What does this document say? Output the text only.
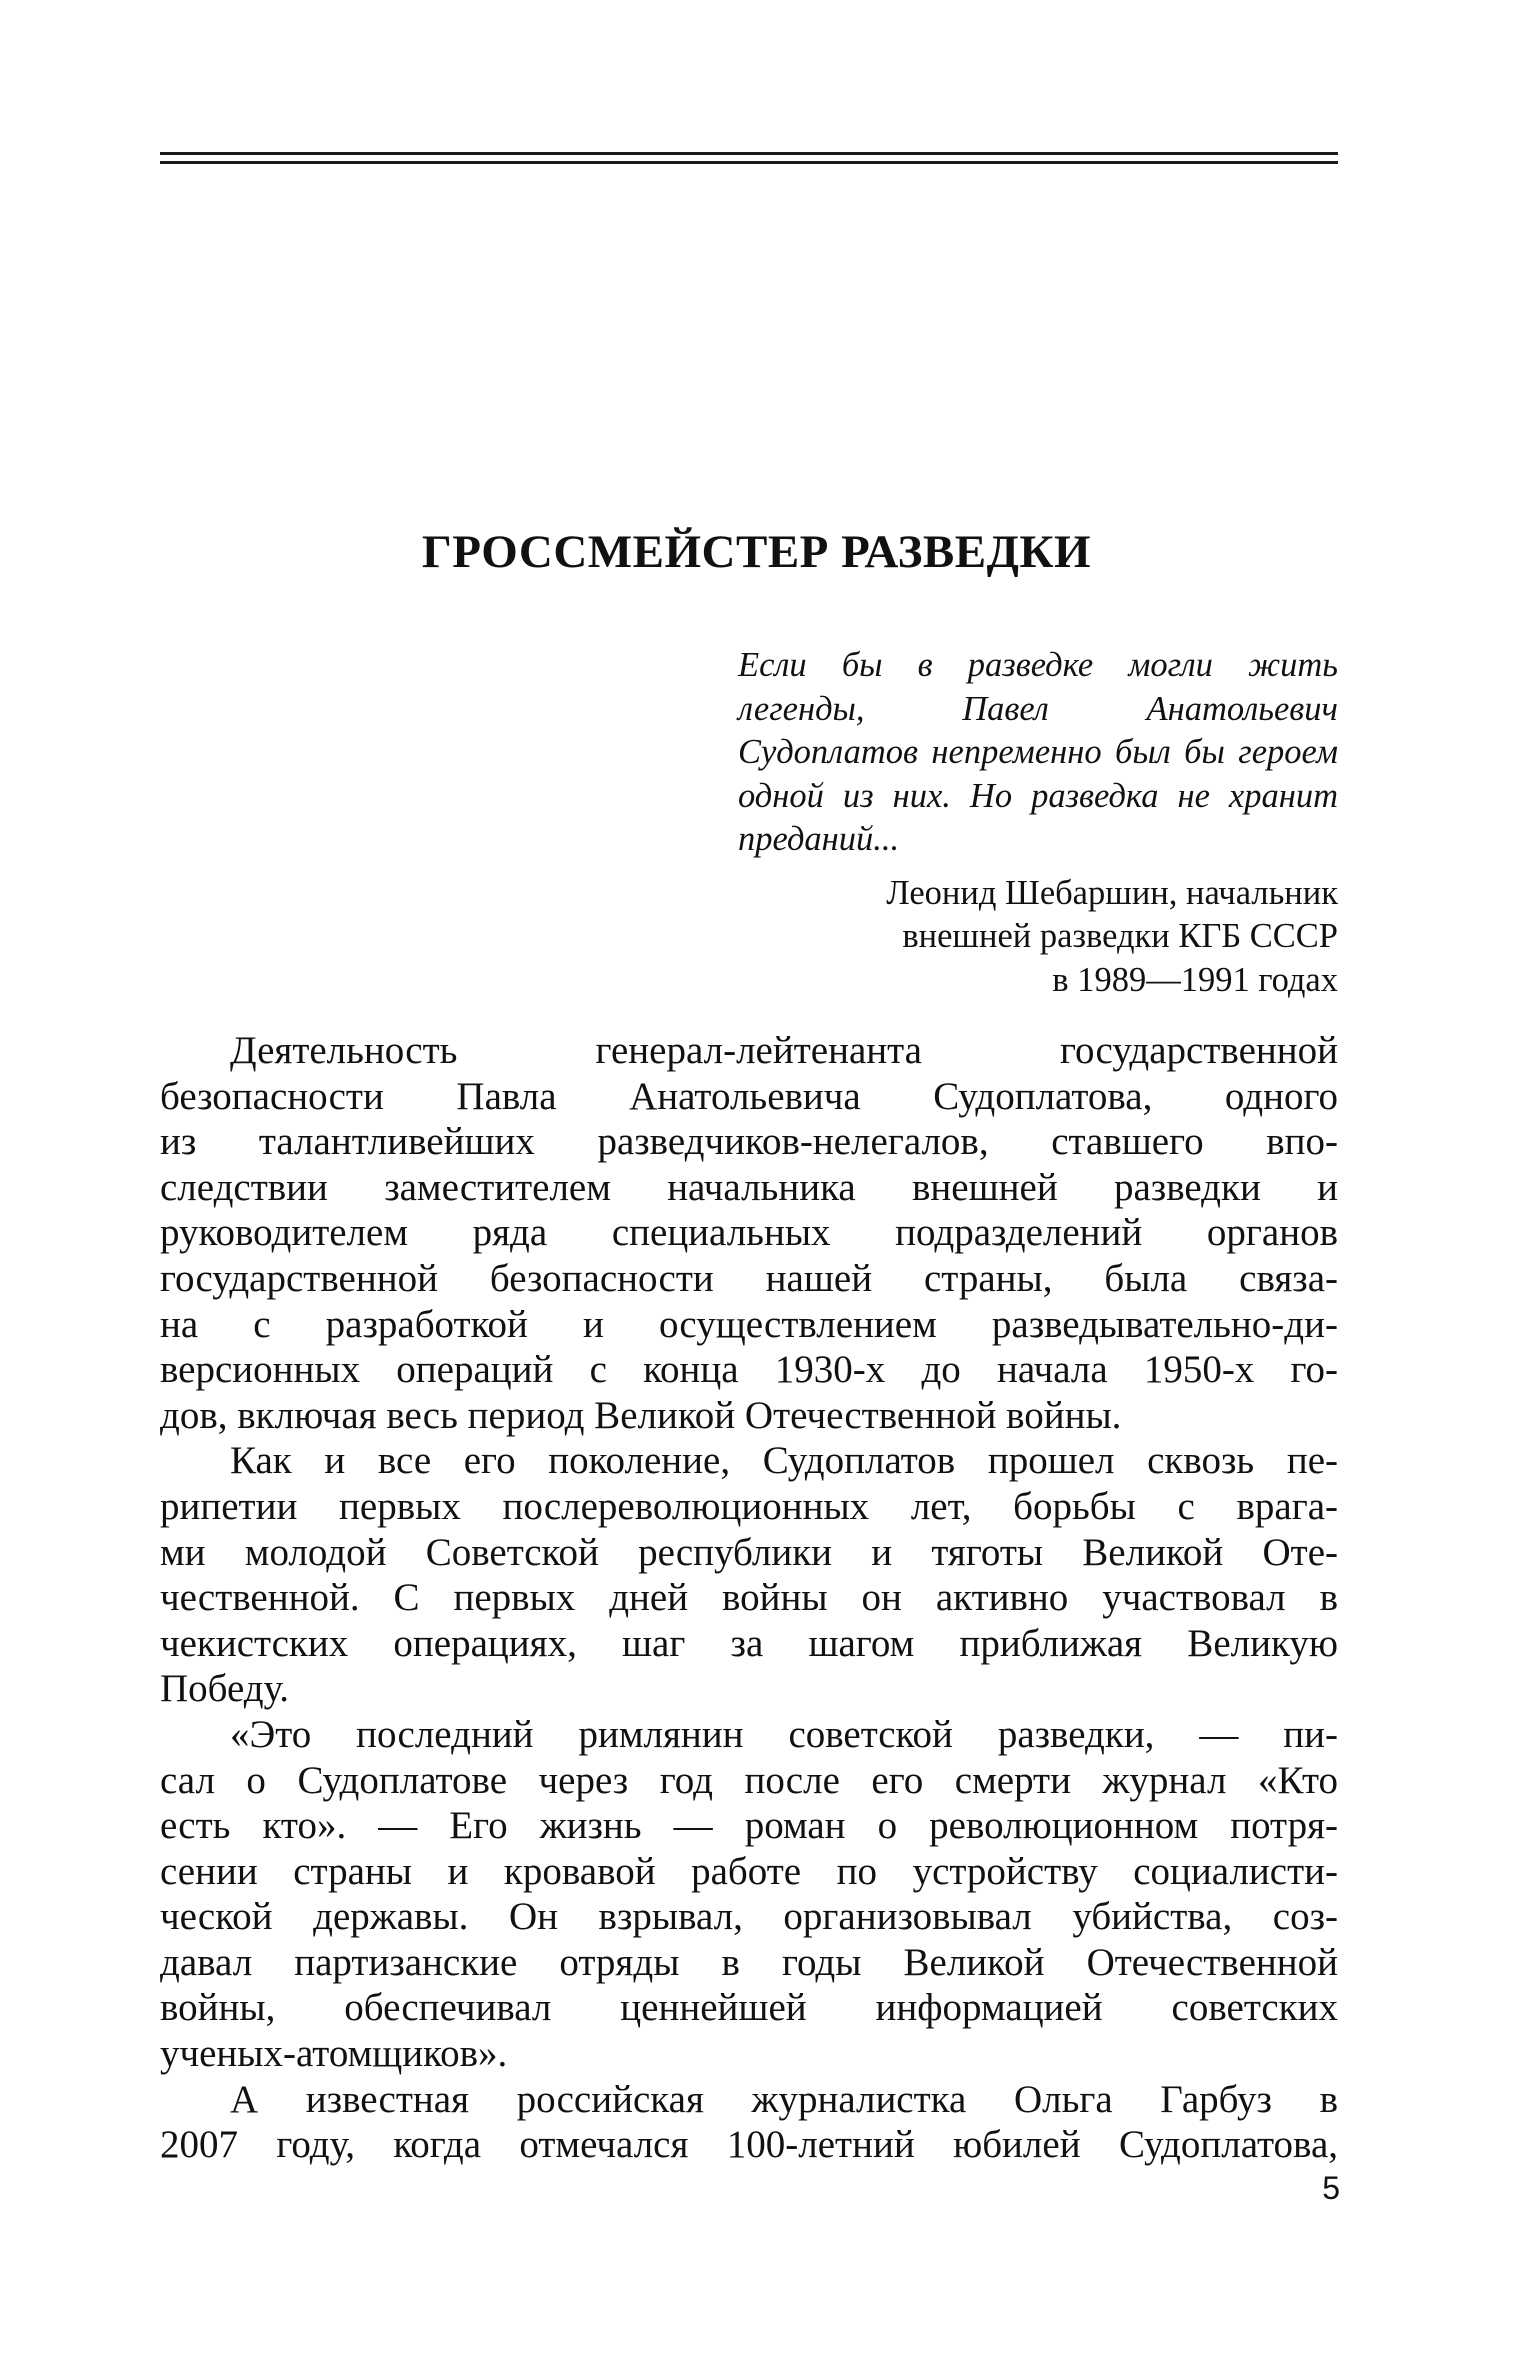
ГРОССМЕЙСТЕР РАЗВЕДКИ

Если бы в разведке могли жить легенды, Павел Анатольевич Судоплатов непременно был бы героем одной из них. Но разведка не хранит преданий...

Леонид Шебаршин, начальник
внешней разведки КГБ СССР
в 1989—1991 годах

Деятельность генерал-лейтенанта государственной
безопасности Павла Анатольевича Судоплатова, одного
из талантливейших разведчиков-нелегалов, ставшего впо-
следствии заместителем начальника внешней разведки и
руководителем ряда специальных подразделений органов
государственной безопасности нашей страны, была связа-
на с разработкой и осуществлением разведывательно-ди-
версионных операций с конца 1930-х до начала 1950-х го-
дов, включая весь период Великой Отечественной войны.

Как и все его поколение, Судоплатов прошел сквозь пе-
рипетии первых послереволюционных лет, борьбы с врага-
ми молодой Советской республики и тяготы Великой Оте-
чественной. С первых дней войны он активно участвовал в
чекистских операциях, шаг за шагом приближая Великую
Победу.

«Это последний римлянин советской разведки, — пи-
сал о Судоплатове через год после его смерти журнал «Кто
есть кто». — Его жизнь — роман о революционном потря-
сении страны и кровавой работе по устройству социалисти-
ческой державы. Он взрывал, организовывал убийства, соз-
давал партизанские отряды в годы Великой Отечественной
войны, обеспечивал ценнейшей информацией советских
ученых-атомщиков».

А известная российская журналистка Ольга Гарбуз в
2007 году, когда отмечался 100-летний юбилей Судоплатова,

5
